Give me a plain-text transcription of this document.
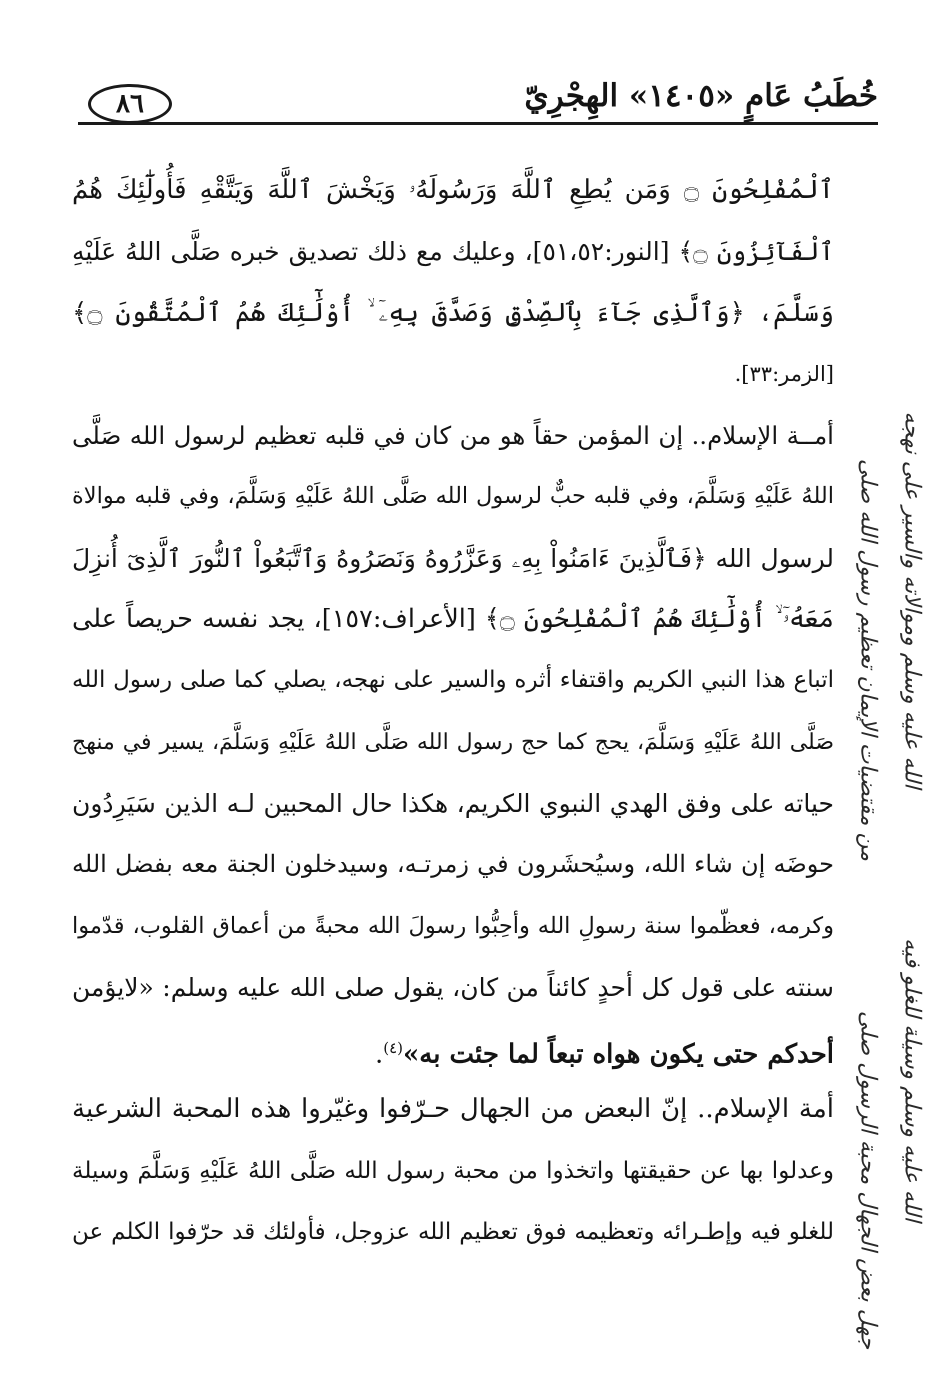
خُطَبُ عَامٍ «١٤٠٥» الهِجْرِيّ
٨٦
ٱلْمُفْلِحُونَ ۝ وَمَن يُطِعِ ٱللَّهَ وَرَسُولَهُۥ وَيَخْشَ ٱللَّهَ وَيَتَّقْهِ فَأُولَٰٓئِكَ هُمُ
ٱلْفَآئِزُونَ ۝﴾ [النور:٥١،٥٢]، وعليك مع ذلك تصديق خبره صَلَّى اللهُ عَلَيْهِ
وَسَلَّمَ، ﴿وَٱلَّذِى جَآءَ بِٱلصِّدْقِ وَصَدَّقَ بِهِۦٓ ۙ أُوْلَٰٓئِكَ هُمُ ٱلْمُتَّقُونَ ۝﴾
[الزمر:٣٣].
أمــة الإسلام.. إن المؤمن حقاً هو من كان في قلبه تعظيم لرسول الله صَلَّى
اللهُ عَلَيْهِ وَسَلَّمَ، وفي قلبه حبٌّ لرسول الله صَلَّى اللهُ عَلَيْهِ وَسَلَّمَ، وفي قلبه موالاة
لرسول الله ﴿فَٱلَّذِينَ ءَامَنُواْ بِهِۦ وَعَزَّرُوهُ وَنَصَرُوهُ وَٱتَّبَعُواْ ٱلنُّورَ ٱلَّذِىٓ أُنزِلَ
مَعَهُۥٓ ۙ أُوْلَٰٓئِكَ هُمُ ٱلْمُفْلِحُونَ ۝﴾ [الأعراف:١٥٧]، يجد نفسه حريصاً على
اتباع هذا النبي الكريم واقتفاء أثره والسير على نهجه، يصلي كما صلى رسول الله
صَلَّى اللهُ عَلَيْهِ وَسَلَّمَ، يحج كما حج رسول الله صَلَّى اللهُ عَلَيْهِ وَسَلَّمَ، يسير في منهج
حياته على وفق الهدي النبوي الكريم، هكذا حال المحبين لـه الذين سَيَرِدُون
حوضَه إن شاء الله، وسيُحشَرون في زمرتـه، وسيدخلون الجنة معه بفضل الله
وكرمه، فعظّموا سنة رسولِ الله وأحِبُّوا رسولَ الله محبةً من أعماق القلوب، قدّموا
سنته على قول كل أحدٍ كائناً من كان، يقول صلى الله عليه وسلم: «لايؤمن
أحدكم حتى يكون هواه تبعاً لما جئت به»$^{(٤)}$.
أمة الإسلام.. إنّ البعض من الجهال حـرّفوا وغيّروا هذه المحبة الشرعية
وعدلوا بها عن حقيقتها واتخذوا من محبة رسول الله صَلَّى اللهُ عَلَيْهِ وَسَلَّمَ وسيلة
للغلو فيه وإطـرائه وتعظيمه فوق تعظيم الله عزوجل، فأولئك قد حرّفوا الكلم عن
من مقتضيات الإيمان تعظيم رسول الله صلى الله عليه وسلم وموالاته والسير على نهجه
جهل بعض الجهال محبة الرسول صلى الله عليه وسلم وسيلة للغلو فيه
